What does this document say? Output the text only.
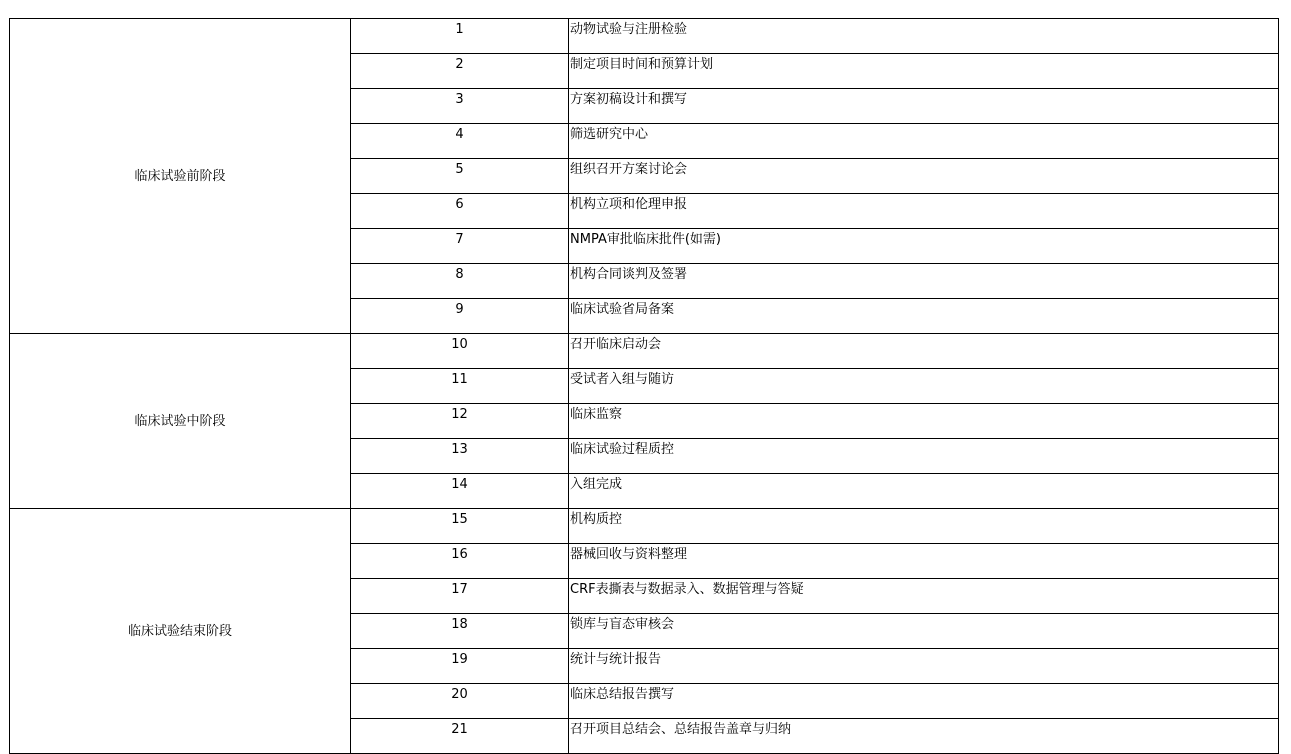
临床试验前阶段	1	动物试验与注册检验
	2	制定项目时间和预算计划
	3	方案初稿设计和撰写
	4	筛选研究中心
	5	组织召开方案讨论会
	6	机构立项和伦理申报
	7	NMPA审批临床批件(如需)
	8	机构合同谈判及签署
	9	临床试验省局备案
临床试验中阶段	10	召开临床启动会
	11	受试者入组与随访
	12	临床监察
	13	临床试验过程质控
	14	入组完成
临床试验结束阶段	15	机构质控
	16	器械回收与资料整理
	17	CRF表撕表与数据录入、数据管理与答疑
	18	锁库与盲态审核会
	19	统计与统计报告
	20	临床总结报告撰写
	21	召开项目总结会、总结报告盖章与归纳
